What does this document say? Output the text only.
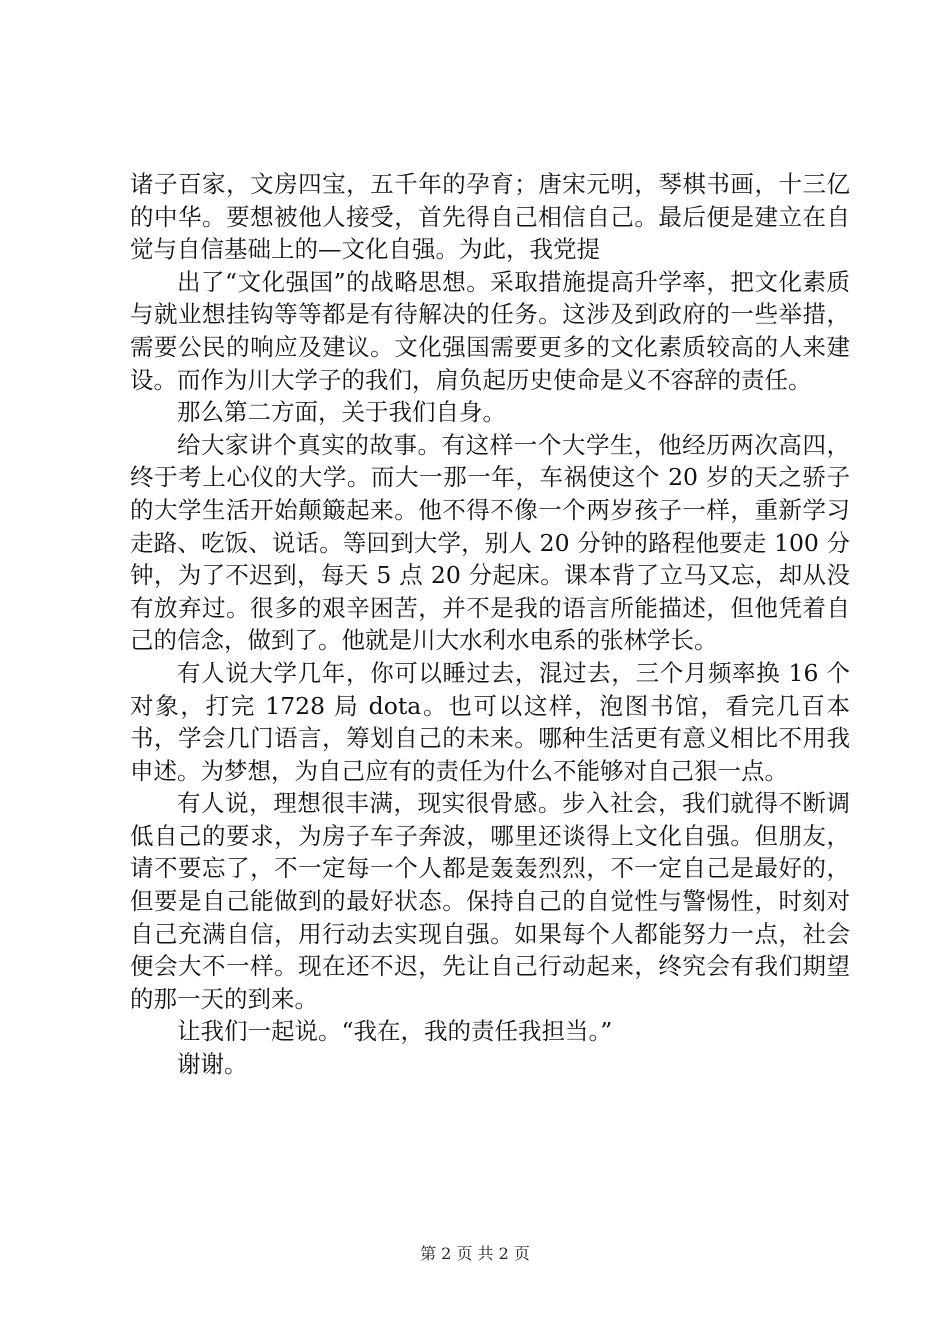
诸子百家，文房四宝，五千年的孕育；唐宋元明，琴棋书画，十三亿的中华。要想被他人接受，首先得自己相信自己。最后便是建立在自觉与自信基础上的—文化自强。为此，我党提

出了“文化强国”的战略思想。采取措施提高升学率，把文化素质与就业想挂钩等等都是有待解决的任务。这涉及到政府的一些举措，需要公民的响应及建议。文化强国需要更多的文化素质较高的人来建设。而作为川大学子的我们，肩负起历史使命是义不容辞的责任。

那么第二方面，关于我们自身。

给大家讲个真实的故事。有这样一个大学生，他经历两次高四，终于考上心仪的大学。而大一那一年，车祸使这个 20 岁的天之骄子的大学生活开始颠簸起来。他不得不像一个两岁孩子一样，重新学习走路、吃饭、说话。等回到大学，别人 20 分钟的路程他要走 100 分钟，为了不迟到，每天 5 点 20 分起床。课本背了立马又忘，却从没有放弃过。很多的艰辛困苦，并不是我的语言所能描述，但他凭着自己的信念，做到了。他就是川大水利水电系的张林学长。

有人说大学几年，你可以睡过去，混过去，三个月频率换 16 个对象，打完 1728 局 dota。也可以这样，泡图书馆，看完几百本书，学会几门语言，筹划自己的未来。哪种生活更有意义相比不用我申述。为梦想，为自己应有的责任为什么不能够对自己狠一点。

有人说，理想很丰满，现实很骨感。步入社会，我们就得不断调低自己的要求，为房子车子奔波，哪里还谈得上文化自强。但朋友，请不要忘了，不一定每一个人都是轰轰烈烈，不一定自己是最好的，但要是自己能做到的最好状态。保持自己的自觉性与警惕性，时刻对自己充满自信，用行动去实现自强。如果每个人都能努力一点，社会便会大不一样。现在还不迟，先让自己行动起来，终究会有我们期望的那一天的到来。

让我们一起说。“我在，我的责任我担当。”

谢谢。

第 2 页 共 2 页
